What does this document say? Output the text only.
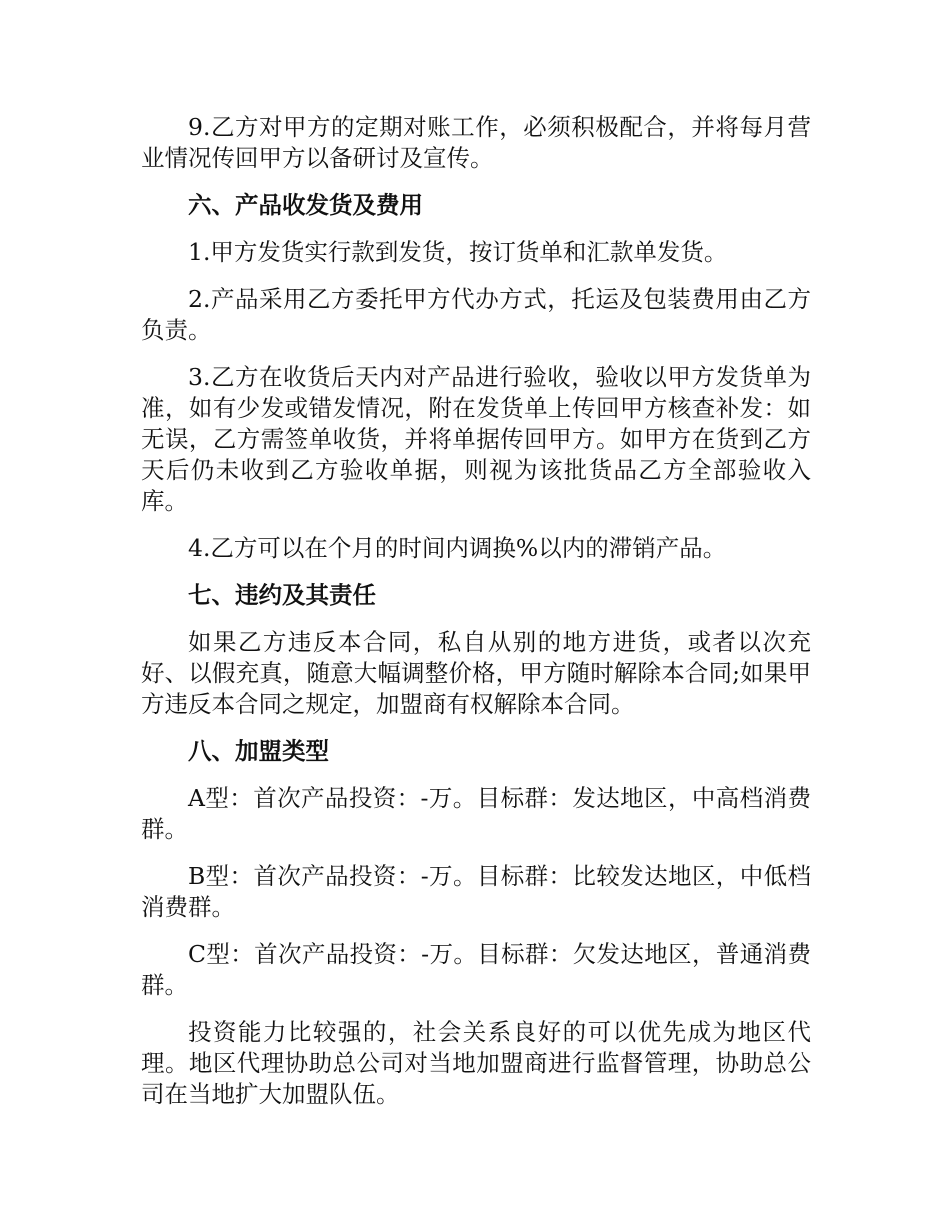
9.乙方对甲方的定期对账工作，必须积极配合，并将每月营业情况传回甲方以备研讨及宣传。

六、产品收发货及费用

1.甲方发货实行款到发货，按订货单和汇款单发货。

2.产品采用乙方委托甲方代办方式，托运及包装费用由乙方负责。

3.乙方在收货后天内对产品进行验收，验收以甲方发货单为准，如有少发或错发情况，附在发货单上传回甲方核查补发：如无误，乙方需签单收货，并将单据传回甲方。如甲方在货到乙方天后仍未收到乙方验收单据，则视为该批货品乙方全部验收入库。

4.乙方可以在个月的时间内调换%以内的滞销产品。

七、违约及其责任

如果乙方违反本合同，私自从别的地方进货，或者以次充好、以假充真，随意大幅调整价格，甲方随时解除本合同;如果甲方违反本合同之规定，加盟商有权解除本合同。

八、加盟类型

A型：首次产品投资：-万。目标群：发达地区，中高档消费群。

B型：首次产品投资：-万。目标群：比较发达地区，中低档消费群。

C型：首次产品投资：-万。目标群：欠发达地区，普通消费群。

投资能力比较强的，社会关系良好的可以优先成为地区代理。地区代理协助总公司对当地加盟商进行监督管理，协助总公司在当地扩大加盟队伍。
